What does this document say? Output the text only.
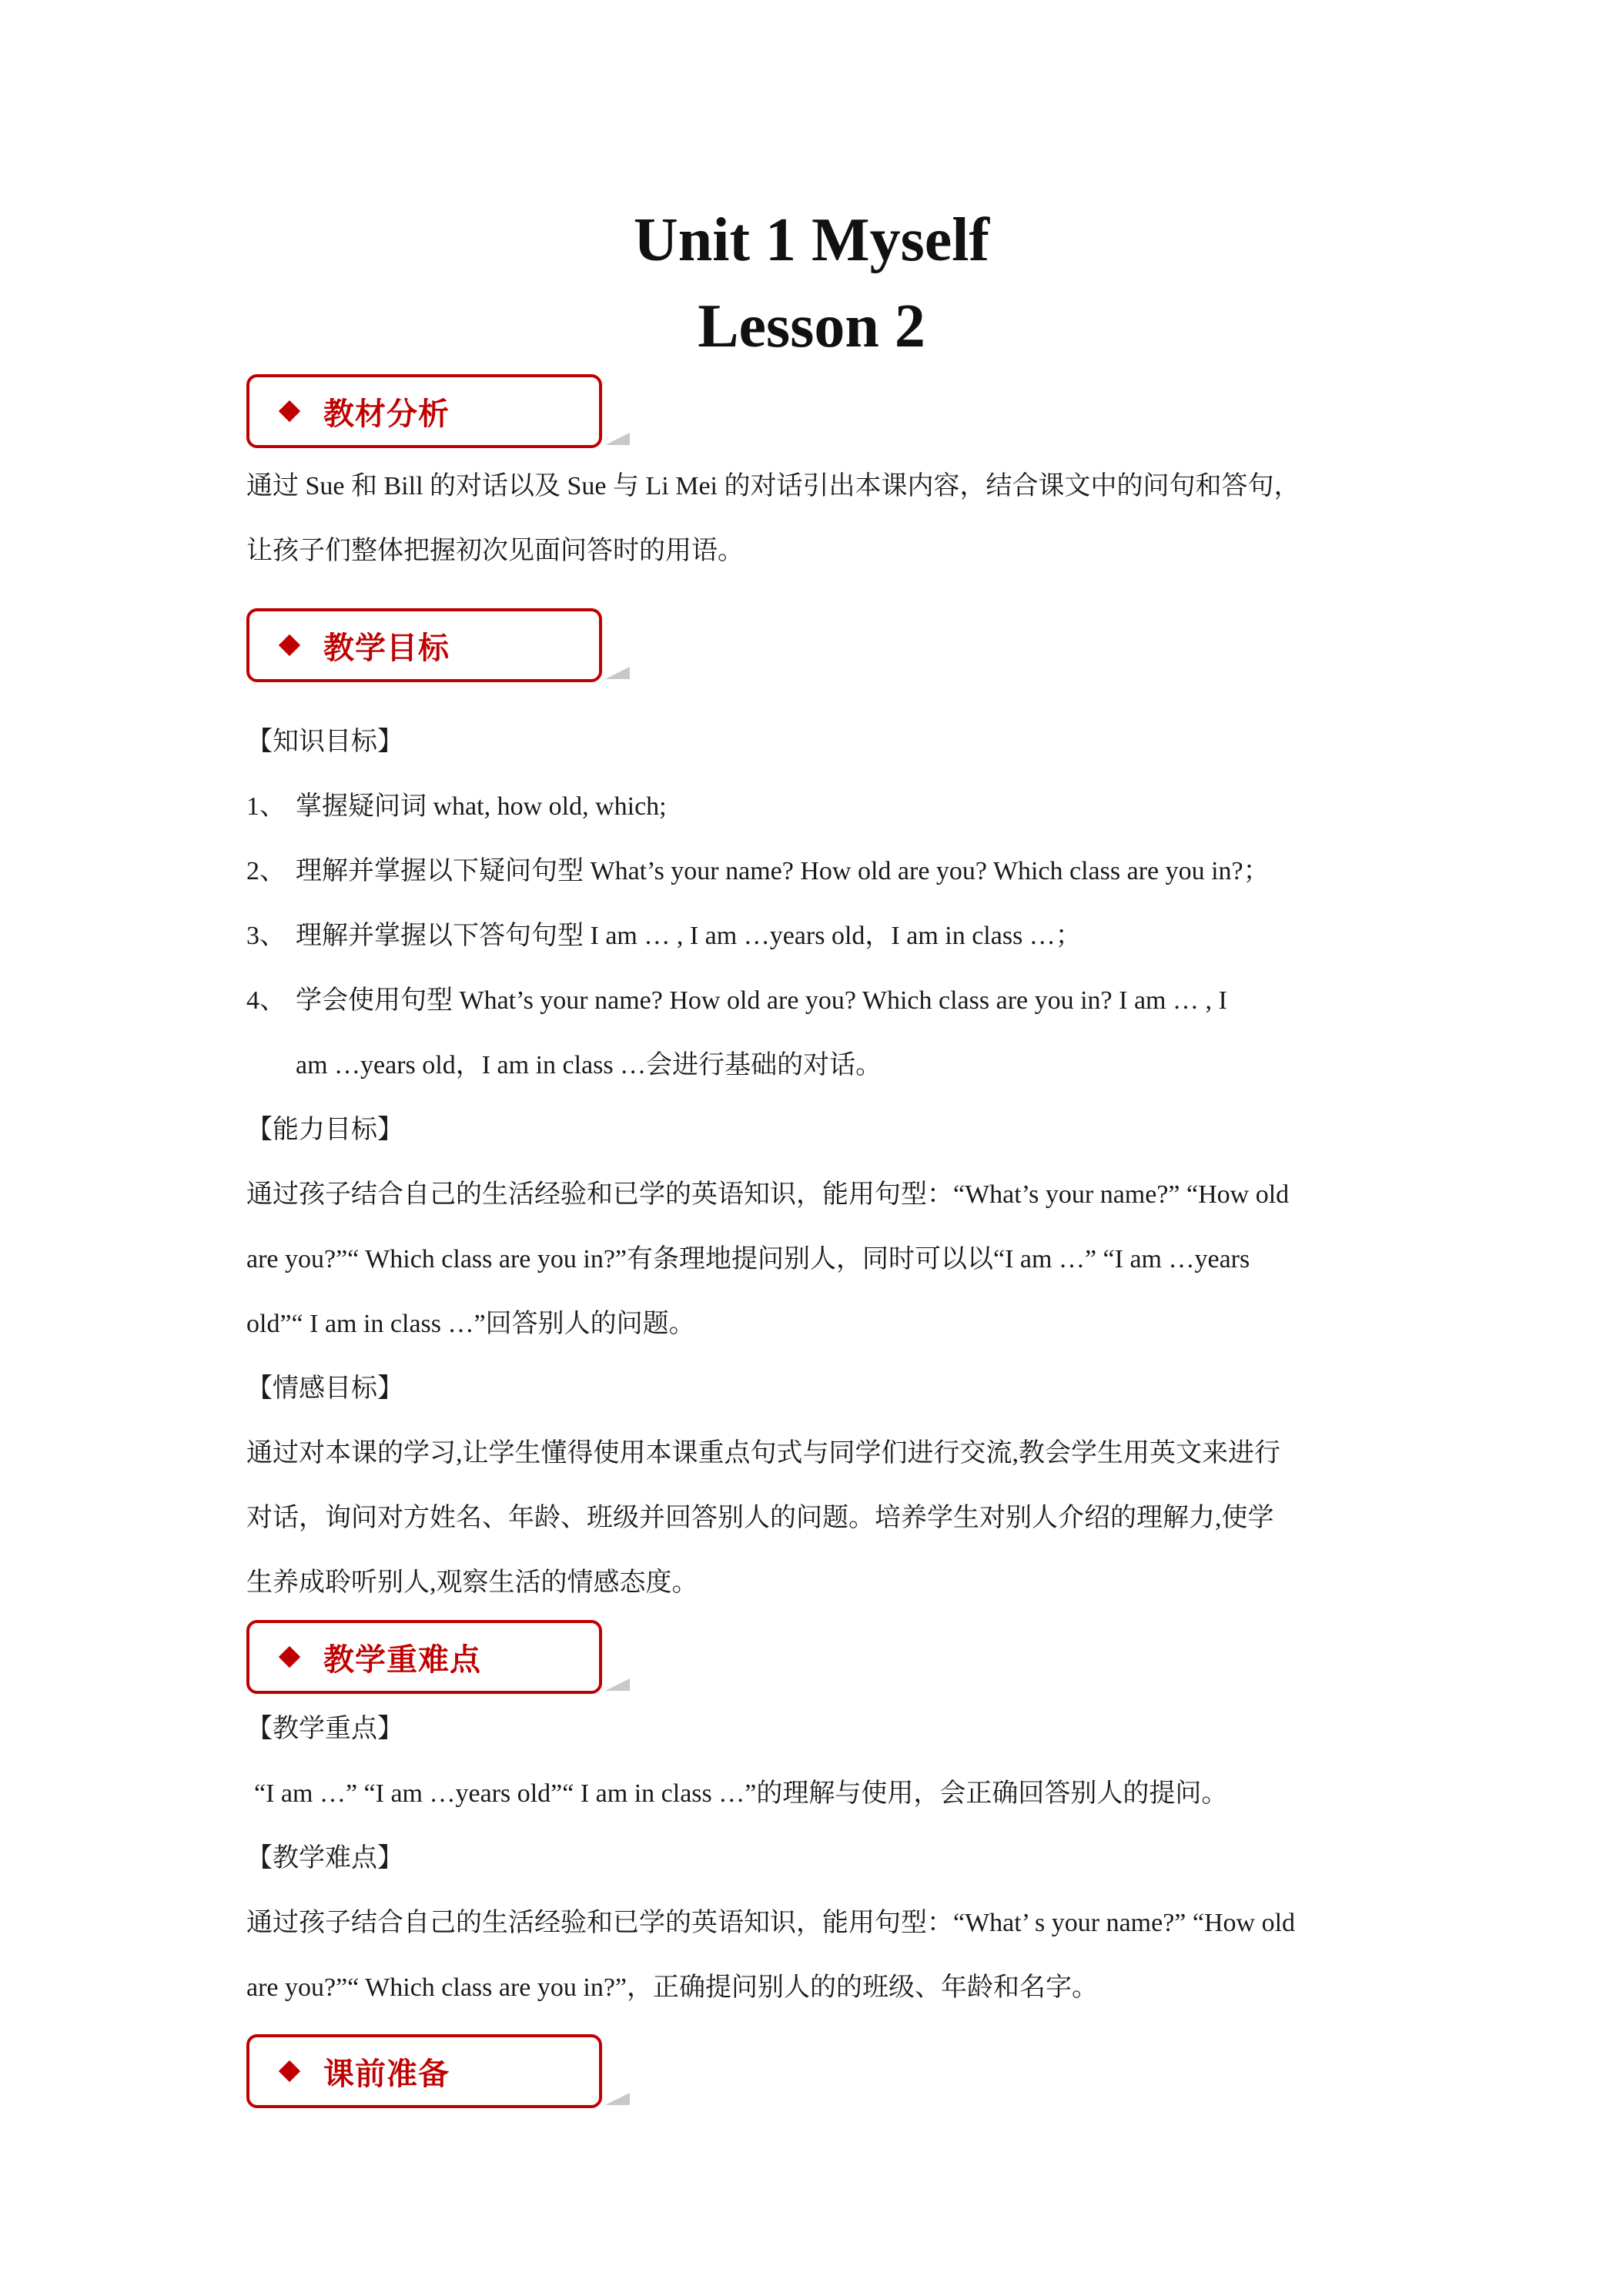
Unit 1 Myself
Lesson 2
教材分析
通过 Sue 和 Bill 的对话以及 Sue 与 Li Mei 的对话引出本课内容，结合课文中的问句和答句，
让孩子们整体把握初次见面问答时的用语。
教学目标
【知识目标】
1、 掌握疑问词 what, how old, which;
2、 理解并掌握以下疑问句型 What’s your name? How old are you? Which class are you in?；
3、 理解并掌握以下答句句型 I am … , I am …years old，I am in class …；
4、 学会使用句型 What’s your name? How old are you? Which class are you in? I am … , I
am …years old，I am in class …会进行基础的对话。
【能力目标】
通过孩子结合自己的生活经验和已学的英语知识，能用句型：“What’s your name?” “How old
are you?”“ Which class are you in?”有条理地提问别人，同时可以以“I am …” “I am …years
old”“ I am in class …”回答别人的问题。
【情感目标】
通过对本课的学习,让学生懂得使用本课重点句式与同学们进行交流,教会学生用英文来进行
对话，询问对方姓名、年龄、班级并回答别人的问题。培养学生对别人介绍的理解力,使学
生养成聆听别人,观察生活的情感态度。
教学重难点
【教学重点】
“I am …” “I am …years old”“ I am in class …”的理解与使用，会正确回答别人的提问。
【教学难点】
通过孩子结合自己的生活经验和已学的英语知识，能用句型：“What’ s your name?” “How old
are you?”“ Which class are you in?”，正确提问别人的的班级、年龄和名字。
课前准备
